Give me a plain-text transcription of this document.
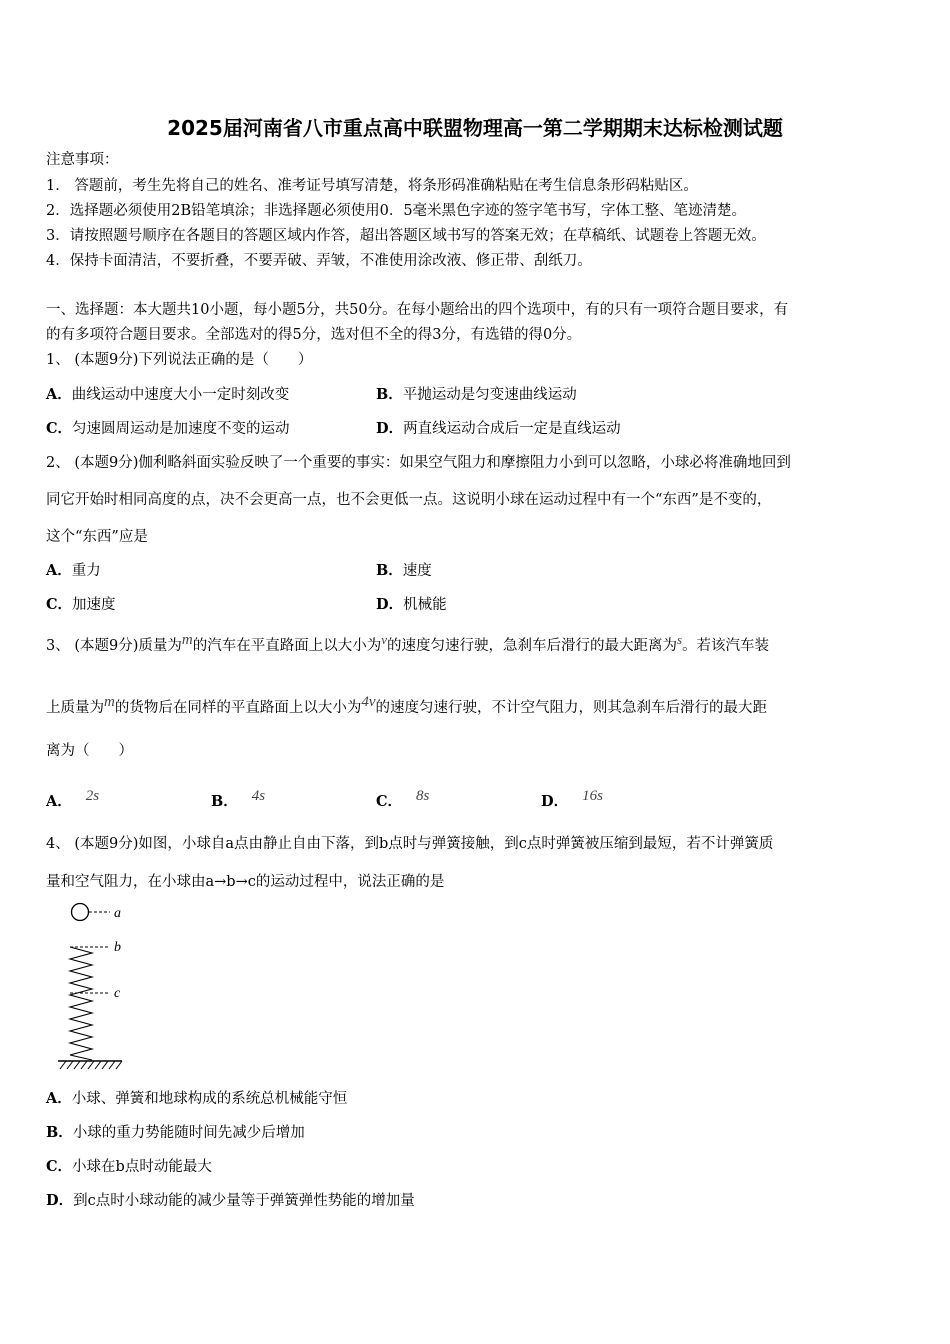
2025届河南省八市重点高中联盟物理高一第二学期期末达标检测试题
注意事项：
1． 答题前，考生先将自己的姓名、准考证号填写清楚，将条形码准确粘贴在考生信息条形码粘贴区。
2．选择题必须使用2B铅笔填涂；非选择题必须使用0．5毫米黑色字迹的签字笔书写，字体工整、笔迹清楚。
3．请按照题号顺序在各题目的答题区域内作答，超出答题区域书写的答案无效；在草稿纸、试题卷上答题无效。
4．保持卡面清洁，不要折叠，不要弄破、弄皱，不准使用涂改液、修正带、刮纸刀。
一、选择题：本大题共10小题，每小题5分，共50分。在每小题给出的四个选项中，有的只有一项符合题目要求，有
的有多项符合题目要求。全部选对的得5分，选对但不全的得3分，有选错的得0分。
1、 (本题9分)下列说法正确的是（　　）
A．曲线运动中速度大小一定时刻改变	B．平抛运动是匀变速曲线运动
C．匀速圆周运动是加速度不变的运动	D．两直线运动合成后一定是直线运动
2、 (本题9分)伽利略斜面实验反映了一个重要的事实：如果空气阻力和摩擦阻力小到可以忽略，小球必将准确地回到
同它开始时相同高度的点，决不会更高一点，也不会更低一点。这说明小球在运动过程中有一个“东西”是不变的，
这个“东西”应是
A．重力	B．速度
C．加速度	D．机械能
3、 (本题9分)质量为$^m$的汽车在平直路面上以大小为$^v$的速度匀速行驶，急刹车后滑行的最大距离为$^s$。若该汽车装
上质量为$^m$的货物后在同样的平直路面上以大小为$^{4v}$的速度匀速行驶，不计空气阻力，则其急刹车后滑行的最大距
离为（　　）
A． $^{2s}$	B． $^{4s}$	C． $^{8s}$	D． $^{16s}$
4、 (本题9分)如图，小球自a点由静止自由下落，到b点时与弹簧接触，到c点时弹簧被压缩到最短，若不计弹簧质
量和空气阻力，在小球由a→b→c的运动过程中，说法正确的是
a
b
c
A．小球、弹簧和地球构成的系统总机械能守恒
B．小球的重力势能随时间先减少后增加
C．小球在b点时动能最大
D．到c点时小球动能的减少量等于弹簧弹性势能的增加量
